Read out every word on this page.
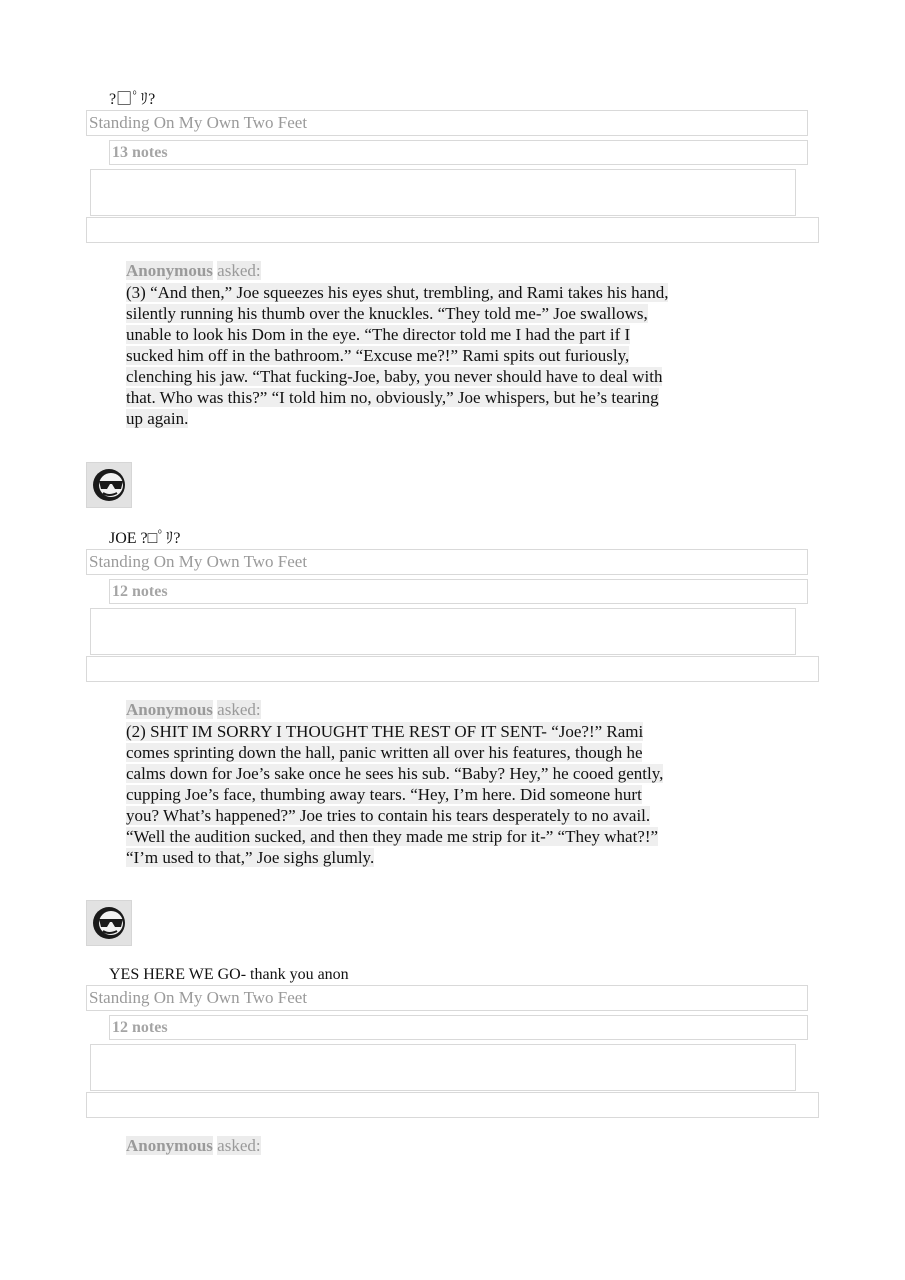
?□ﾟﾘ?
Standing On My Own Two Feet
13 notes
Anonymous asked:
(3) “And then,” Joe squeezes his eyes shut, trembling, and Rami takes his hand,
silently running his thumb over the knuckles. “They told me-” Joe swallows,
unable to look his Dom in the eye. “The director told me I had the part if I
sucked him off in the bathroom.” “Excuse me?!” Rami spits out furiously,
clenching his jaw. “That fucking-Joe, baby, you never should have to deal with
that. Who was this?” “I told him no, obviously,” Joe whispers, but he’s tearing
up again.
JOE ?□ﾟﾘ?
Standing On My Own Two Feet
12 notes
Anonymous asked:
(2) SHIT IM SORRY I THOUGHT THE REST OF IT SENT- “Joe?!” Rami
comes sprinting down the hall, panic written all over his features, though he
calms down for Joe’s sake once he sees his sub. “Baby? Hey,” he cooed gently,
cupping Joe’s face, thumbing away tears. “Hey, I’m here. Did someone hurt
you? What’s happened?” Joe tries to contain his tears desperately to no avail.
“Well the audition sucked, and then they made me strip for it-” “They what?!”
“I’m used to that,” Joe sighs glumly.
YES HERE WE GO- thank you anon
Standing On My Own Two Feet
12 notes
Anonymous asked:
